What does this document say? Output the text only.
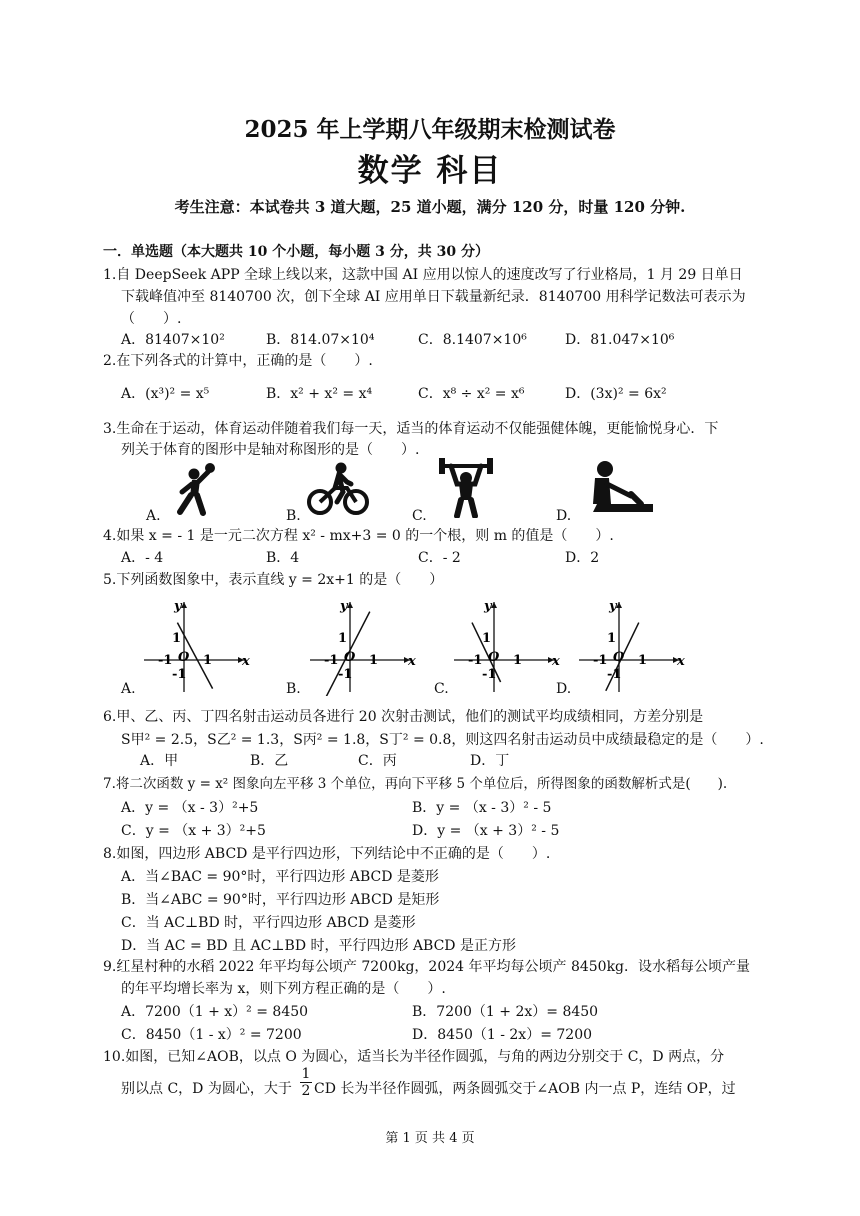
2025 年上学期八年级期末检测试卷
数学 科目
考生注意：本试卷共 3 道大题，25 道小题，满分 120 分，时量 120 分钟.
一．单选题（本大题共 10 个小题，每小题 3 分，共 30 分）
1.自 DeepSeek APP 全球上线以来，这款中国 AI 应用以惊人的速度改写了行业格局，1 月 29 日单日
下载峰值冲至 8140700 次，创下全球 AI 应用单日下载量新纪录．8140700 用科学记数法可表示为
（　　）.
A．81407×10²	B．814.07×10⁴	C．8.1407×10⁶	D．81.047×10⁶
2.在下列各式的计算中，正确的是（　　）.
A．(x³)² = x⁵	B．x² + x² = x⁴	C．x⁸ ÷ x² = x⁶	D．(3x)² = 6x²
3.生命在于运动，体育运动伴随着我们每一天，适当的体育运动不仅能强健体魄，更能愉悦身心．下
列关于体育的图形中是轴对称图形的是（　　）.
A.	B.	C.	D.
4.如果 x = - 1 是一元二次方程 x² - mx+3 = 0 的一个根，则 m 的值是（　　）.
A．- 4	B．4	C．- 2	D．2
5.下列函数图象中，表示直线 y = 2x+1 的是（　　）
A.	B.	C.	D.
y
x
O 1
-1
1
-1
y
x
O 1
-1
1
-1
y
x
O 1
-1
1
-1
y
x
O 1
-1
1
-1
6.甲、乙、丙、丁四名射击运动员各进行 20 次射击测试，他们的测试平均成绩相同，方差分别是
S甲² = 2.5，S乙² = 1.3，S丙² = 1.8，S丁² = 0.8，则这四名射击运动员中成绩最稳定的是（　　）.
A．甲	B．乙	C．丙	D．丁
7.将二次函数 y = x² 图象向左平移 3 个单位，再向下平移 5 个单位后，所得图象的函数解析式是(　　).
A．y = （x - 3）²+5	B．y = （x - 3）² - 5
C．y = （x + 3）²+5	D．y = （x + 3）² - 5
8.如图，四边形 ABCD 是平行四边形，下列结论中不正确的是（　　）.
A．当∠BAC = 90°时，平行四边形 ABCD 是菱形
B．当∠ABC = 90°时，平行四边形 ABCD 是矩形
C．当 AC⊥BD 时，平行四边形 ABCD 是菱形
D．当 AC = BD 且 AC⊥BD 时，平行四边形 ABCD 是正方形
9.红星村种的水稻 2022 年平均每公顷产 7200kg，2024 年平均每公顷产 8450kg．设水稻每公顷产量
的年平均增长率为 x，则下列方程正确的是（　　）.
A．7200（1 + x）² = 8450	B．7200（1 + 2x）= 8450
C．8450（1 - x）² = 7200	D．8450（1 - 2x）= 7200
10.如图，已知∠AOB，以点 O 为圆心，适当长为半径作圆弧，与角的两边分别交于 C，D 两点，分
别以点 C，D 为圆心，大于
1
2 CD 长为半径作圆弧，两条圆弧交于∠AOB 内一点 P，连结 OP，过
第 1 页 共 4 页
